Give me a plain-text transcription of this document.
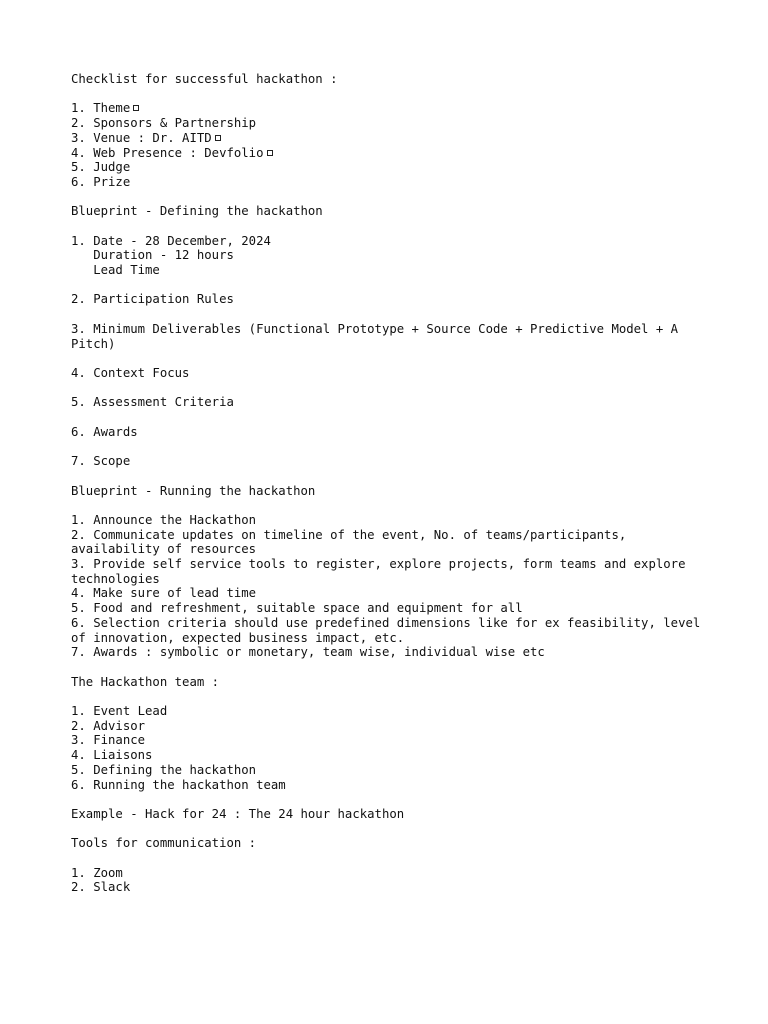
Checklist for successful hackathon :
1. Theme
2. Sponsors & Partnership
3. Venue : Dr. AITD
4. Web Presence : Devfolio
5. Judge
6. Prize
Blueprint - Defining the hackathon
1. Date - 28 December, 2024
Duration - 12 hours
Lead Time
2. Participation Rules
3. Minimum Deliverables (Functional Prototype + Source Code + Predictive Model + A Pitch)
4. Context Focus
5. Assessment Criteria
6. Awards
7. Scope
Blueprint - Running the hackathon
1. Announce the Hackathon
2. Communicate updates on timeline of the event, No. of teams/participants, availability of resources
3. Provide self service tools to register, explore projects, form teams and explore technologies
4. Make sure of lead time
5. Food and refreshment, suitable space and equipment for all
6. Selection criteria should use predefined dimensions like for ex feasibility, level of innovation, expected business impact, etc.
7. Awards : symbolic or monetary, team wise, individual wise etc
The Hackathon team :
1. Event Lead
2. Advisor
3. Finance
4. Liaisons
5. Defining the hackathon
6. Running the hackathon team
Example - Hack for 24 : The 24 hour hackathon
Tools for communication :
1. Zoom
2. Slack
